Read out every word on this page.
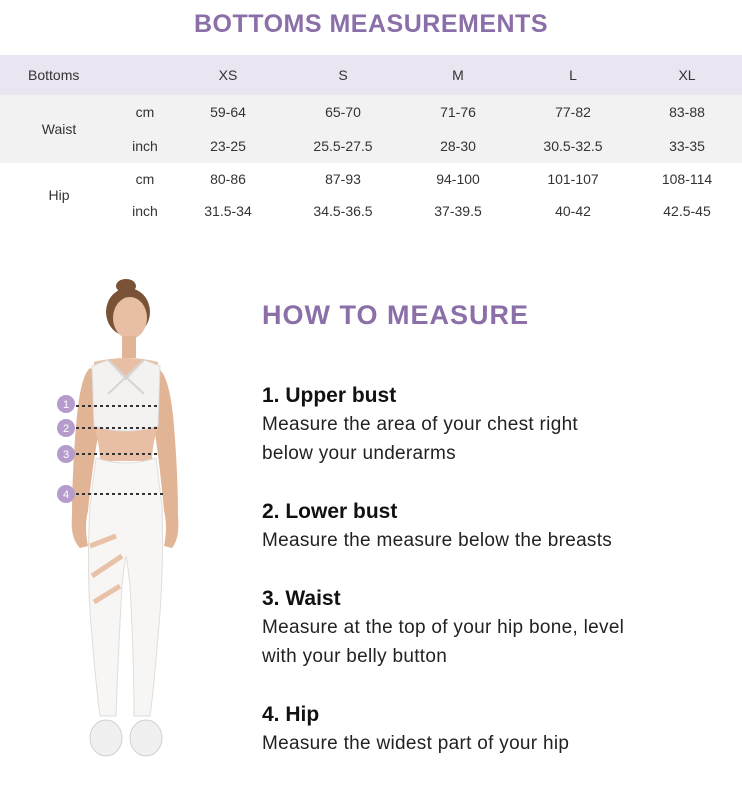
BOTTOMS MEASUREMENTS
Bottoms		XS	S	M	L	XL
Waist	cm	59-64	65-70	71-76	77-82	83-88
	inch	23-25	25.5-27.5	28-30	30.5-32.5	33-35
Hip	cm	80-86	87-93	94-100	101-107	108-114
	inch	31.5-34	34.5-36.5	37-39.5	40-42	42.5-45
1
2
3
4
HOW TO MEASURE
1. Upper bust

Measure the area of your chest right

below your underarms

2. Lower bust

Measure the measure below the breasts

3. Waist

Measure at the top of your hip bone, level

with your belly button

4. Hip

Measure the widest part of your hip
